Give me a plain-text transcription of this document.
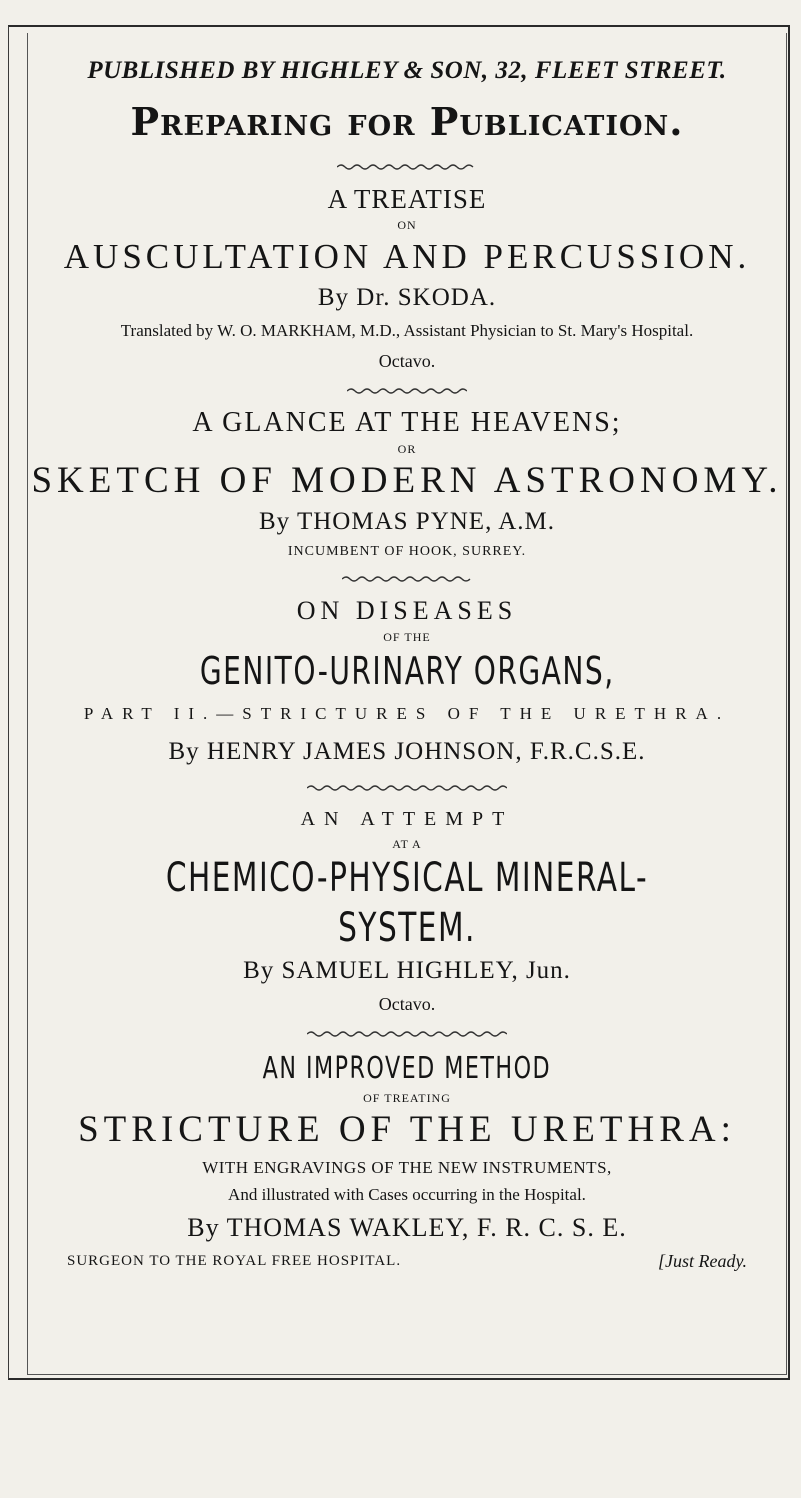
PUBLISHED BY HIGHLEY & SON, 32, FLEET STREET.
Preparing for Publication.
A TREATISE
ON
AUSCULTATION AND PERCUSSION.
By Dr. SKODA.
Translated by W. O. MARKHAM, M.D., Assistant Physician to St. Mary's Hospital.
Octavo.
A GLANCE AT THE HEAVENS;
OR
SKETCH OF MODERN ASTRONOMY.
By THOMAS PYNE, A.M.
INCUMBENT OF HOOK, SURREY.
ON DISEASES
OF THE
GENITO-URINARY ORGANS,
PART II.—STRICTURES OF THE URETHRA.
By HENRY JAMES JOHNSON, F.R.C.S.E.
AN ATTEMPT
AT A
CHEMICO-PHYSICAL MINERAL-SYSTEM.
By SAMUEL HIGHLEY, Jun.
Octavo.
AN IMPROVED METHOD
OF TREATING
STRICTURE OF THE URETHRA:
WITH ENGRAVINGS OF THE NEW INSTRUMENTS,
And illustrated with Cases occurring in the Hospital.
By THOMAS WAKLEY, F. R. C. S. E.
SURGEON TO THE ROYAL FREE HOSPITAL.	[Just Ready.
